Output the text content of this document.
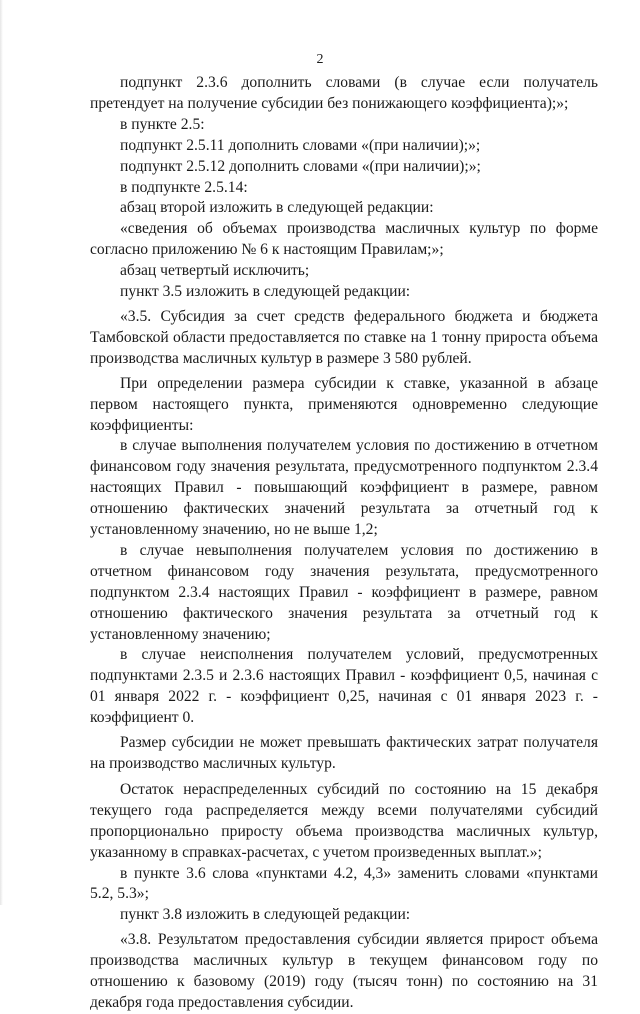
2

подпункт 2.3.6 дополнить словами (в случае если получатель претендует на получение субсидии без понижающего коэффициента);»;

в пункте 2.5:

подпункт 2.5.11 дополнить словами «(при наличии);»;

подпункт 2.5.12 дополнить словами «(при наличии);»;

в подпункте 2.5.14:

абзац второй изложить в следующей редакции:

«сведения об объемах производства масличных культур по форме согласно приложению № 6 к настоящим Правилам;»;

абзац четвертый исключить;

пункт 3.5 изложить в следующей редакции:

«3.5. Субсидия за счет средств федерального бюджета и бюджета Тамбовской области предоставляется по ставке на 1 тонну прироста объема производства масличных культур в размере 3 580 рублей.

При определении размера субсидии к ставке, указанной в абзаце первом настоящего пункта, применяются одновременно следующие коэффициенты:

в случае выполнения получателем условия по достижению в отчетном финансовом году значения результата, предусмотренного подпунктом 2.3.4 настоящих Правил - повышающий коэффициент в размере, равном отношению фактических значений результата за отчетный год к установленному значению, но не выше 1,2;

в случае невыполнения получателем условия по достижению в отчетном финансовом году значения результата, предусмотренного подпунктом 2.3.4 настоящих Правил - коэффициент в размере, равном отношению фактического значения результата за отчетный год к установленному значению;

в случае неисполнения получателем условий, предусмотренных подпунктами 2.3.5 и 2.3.6 настоящих Правил - коэффициент 0,5, начиная с 01 января 2022 г. - коэффициент 0,25, начиная с 01 января 2023 г. - коэффициент 0.

Размер субсидии не может превышать фактических затрат получателя на производство масличных культур.

Остаток нераспределенных субсидий по состоянию на 15 декабря текущего года распределяется между всеми получателями субсидий пропорционально приросту объема производства масличных культур, указанному в справках-расчетах, с учетом произведенных выплат.»;

в пункте 3.6 слова «пунктами 4.2, 4,3» заменить словами «пунктами 5.2, 5.3»;

пункт 3.8 изложить в следующей редакции:

«3.8. Результатом предоставления субсидии является прирост объема производства масличных культур в текущем финансовом году по отношению к базовому (2019) году (тысяч тонн) по состоянию на 31 декабря года предоставления субсидии.
